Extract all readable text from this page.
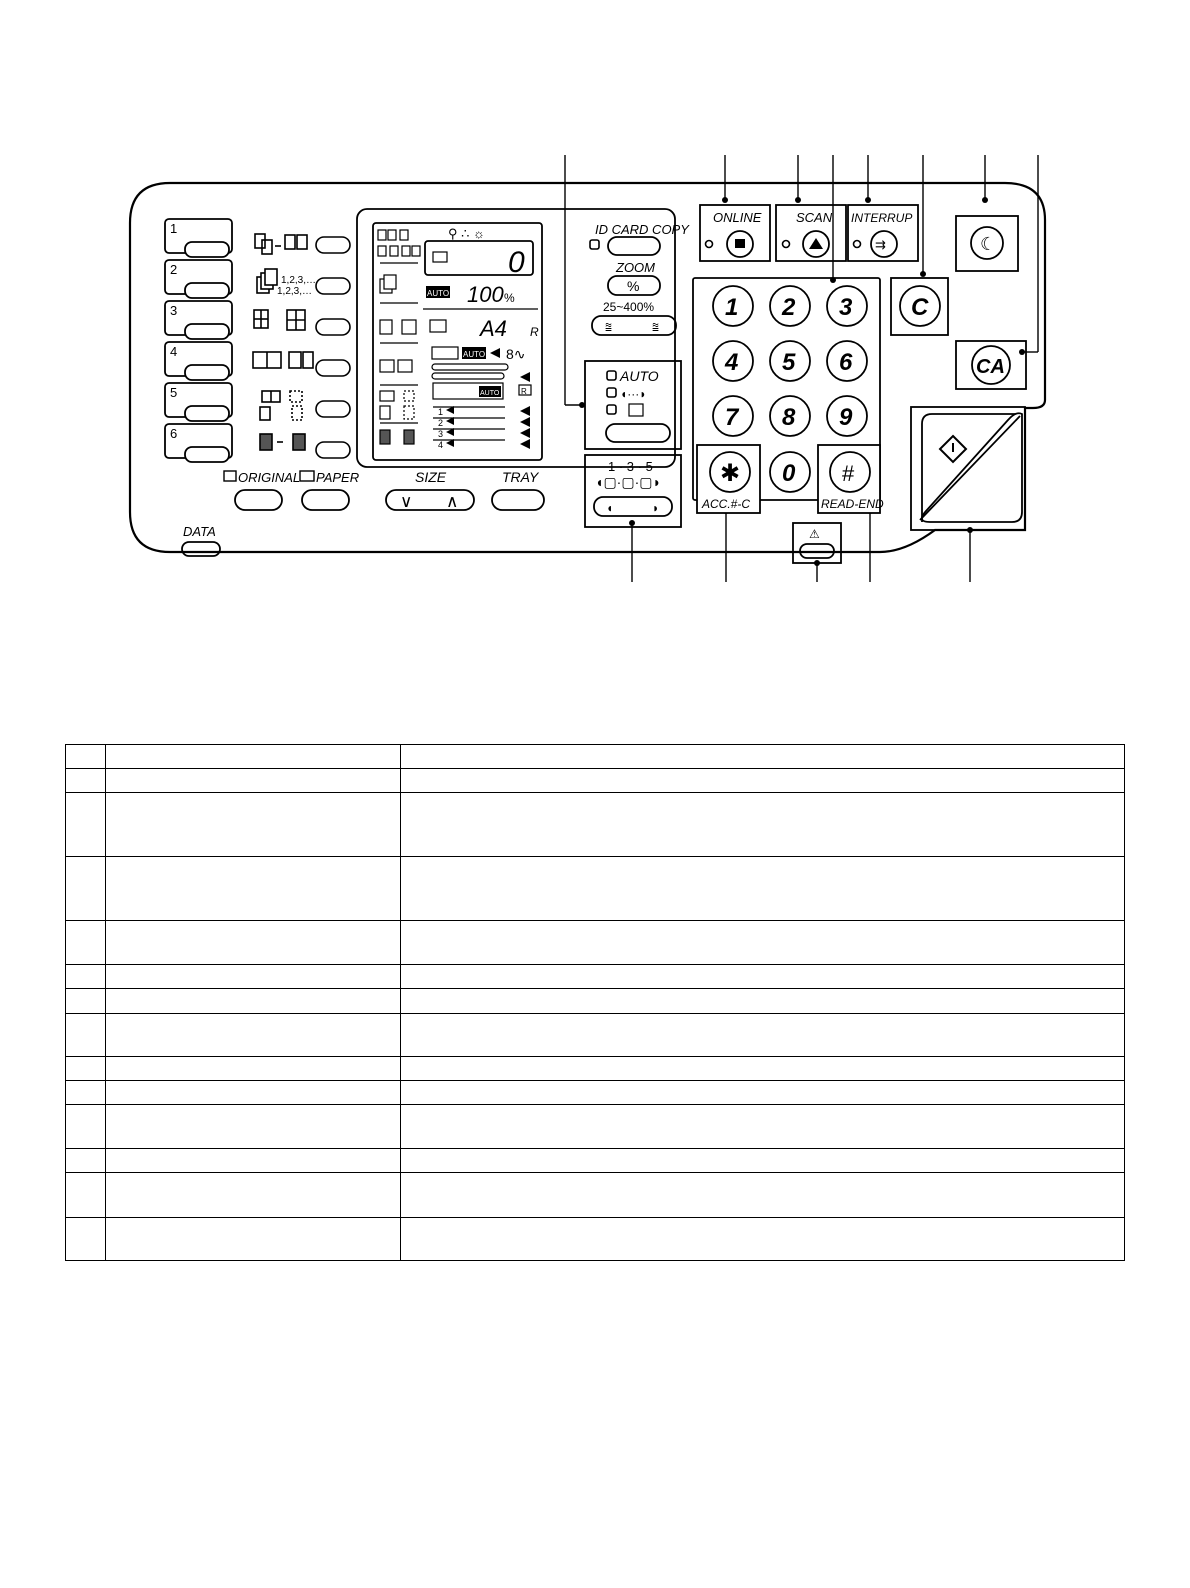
1
2
3
4
5
6
1,2,3,…
1,2,3,…
ORIGINAL PAPER	SIZE
∨ ∧
TRAY
DATA
0
⚲ ∴ ☼
AUTO 100 %
A4 R
AUTO
AUTO
1
2
3
4
R
8∿
ID CARD COPY
ZOOM
%
25~400%
⩰	⩰
AUTO
◖···◗
1 · 3 · 5
◖▢·▢·▢◗
◖	◗
ONLINE	SCAN INTERRUP
⇉	☾
1 2 3
4 5 6
7 8 9
0
✱
ACC.#-C
#
READ-END
C
CA
⚠
